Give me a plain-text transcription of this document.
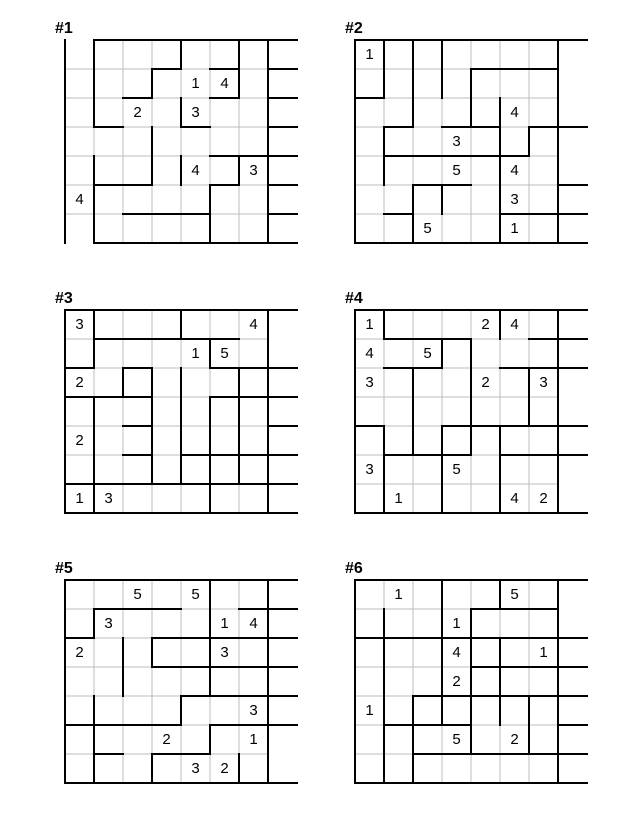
#1
1	4
2	3
4	3
4
#2
1
4
3
5	4
3
5	1
#3
3	4
1	5
2
2
1	3
#4
1	2	4
4	5
3	2	3
3	5
1	4	2
#5
5	5
3	1	4
2	3
3
2	1
3	2
#6
1	5
1
4	1
2
1
5	2
